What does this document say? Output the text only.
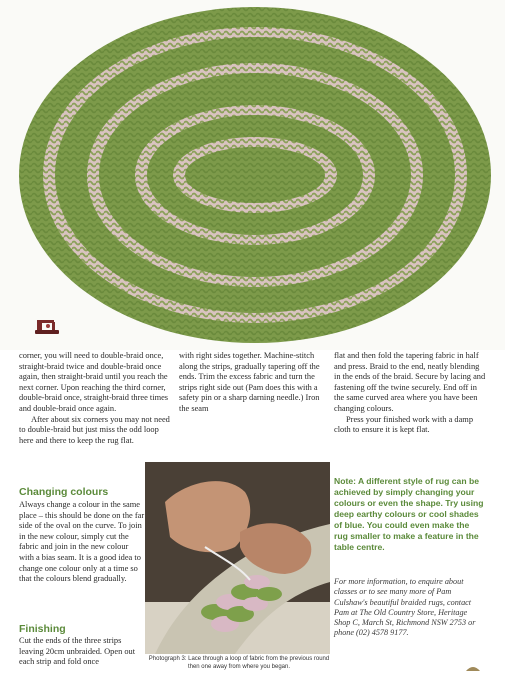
corner, you will need to double-braid once, straight-braid twice and double-braid once again, then straight-braid until you reach the next corner. Upon reaching the third corner, double-braid once, straight-braid three times and double-braid once again.

After about six corners you may not need to double-braid but just miss the odd loop here and there to keep the rug flat.

Changing colours
Always change a colour in the same place – this should be done on the far side of the oval on the curve. To join in the new colour, simply cut the fabric and join in the new colour with a bias seam. It is a good idea to change one colour only at a time so that the colours blend gradually.
Finishing
Cut the ends of the three strips leaving 20cm unbraided. Open out each strip and fold once

with right sides together. Machine-stitch along the strips, gradually tapering off the ends. Trim the excess fabric and turn the strips right side out (Pam does this with a safety pin or a sharp darning needle.) Iron the seam

Photograph 3: Lace through a loop of fabric from the previous round then one away from where you began.

flat and then fold the tapering fabric in half and press. Braid to the end, neatly blending in the ends of the braid. Secure by lacing and fastening off the twine securely. End off in the same curved area where you have been changing colours.

Press your finished work with a damp cloth to ensure it is kept flat.

Note: A different style of rug can be achieved by simply changing your colours or even the shape. Try using deep earthy colours or cool shades of blue. You could even make the rug smaller to make a feature in the table centre.
For more information, to enquire about classes or to see many more of Pam Culshaw's beautiful braided rugs, contact Pam at The Old Country Store, Heritage Shop C, March St, Richmond NSW 2753 or phone (02) 4578 9177.
